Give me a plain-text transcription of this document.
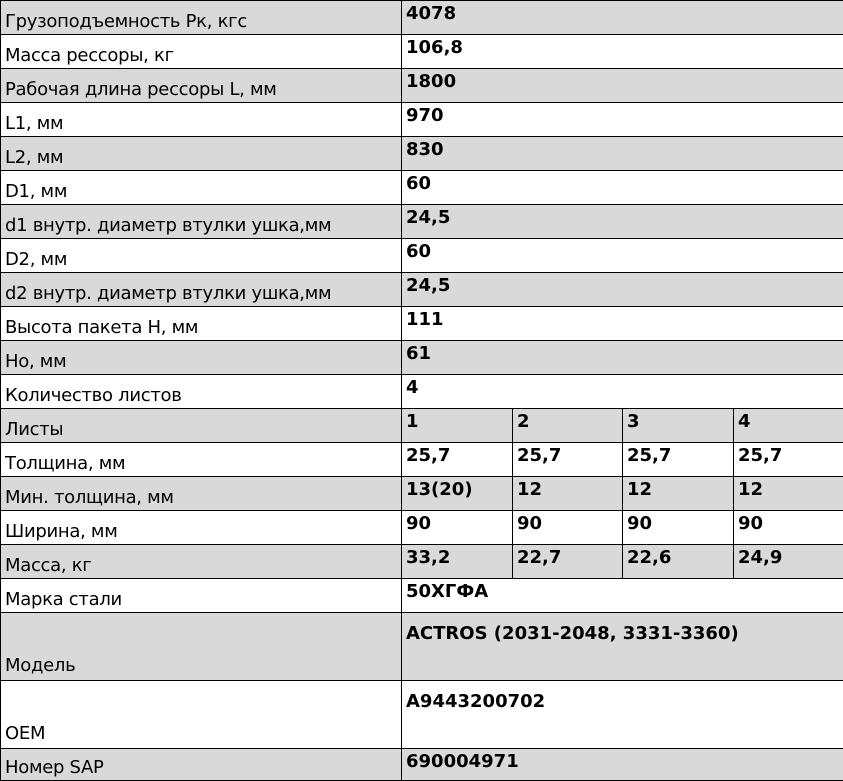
Грузоподъемность Рк, кгс	4078			
Масса рессоры, кг	106,8			
Рабочая длина рессоры L, мм	1800			
L1, мм	970			
L2, мм	830			
D1, мм	60			
d1 внутр. диаметр втулки ушка,мм	24,5			
D2, мм	60			
d2 внутр. диаметр втулки ушка,мм	24,5			
Высота пакета H, мм	111			
Hо, мм	61			
Количество листов	4			
Листы	1	2	3	4
Толщина, мм	25,7	25,7	25,7	25,7
Мин. толщина, мм	13(20)	12	12	12
Ширина, мм	90	90	90	90
Масса, кг	33,2	22,7	22,6	24,9
Марка стали	50ХГФА			
Модель	ACTROS (2031-2048, 3331-3360)			
OEM	A9443200702			
Номер SAP	690004971			
